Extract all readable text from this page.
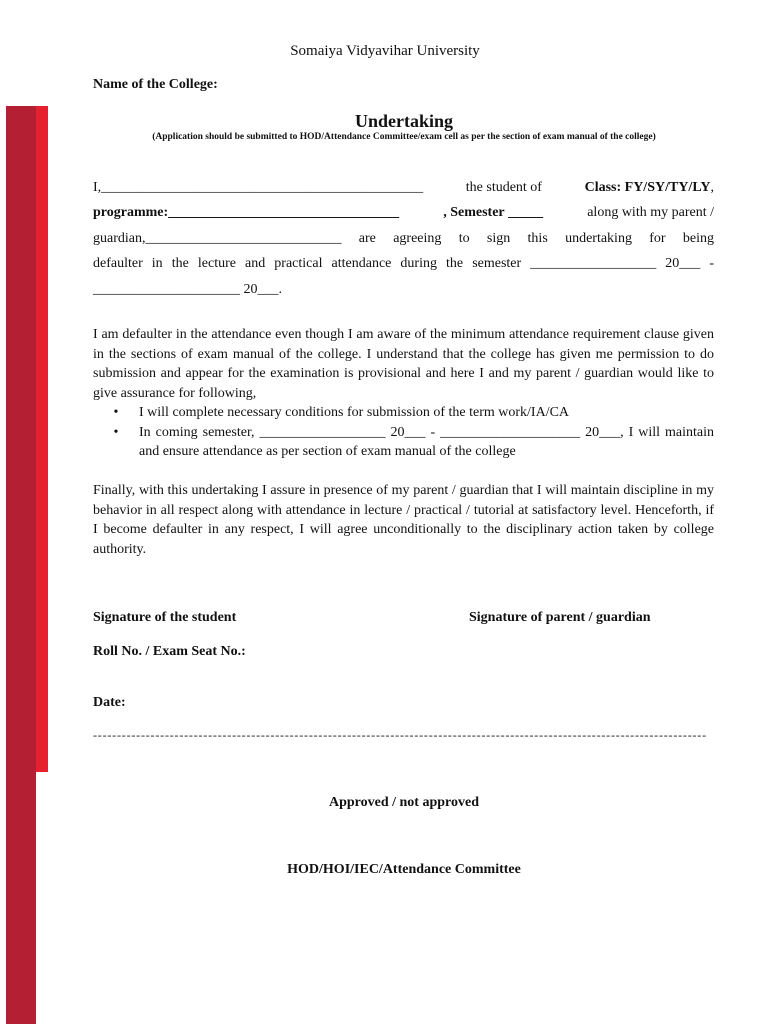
Somaiya Vidyavihar University
Name of the College:
Undertaking
(Application should be submitted to HOD/Attendance Committee/exam cell as per the section of exam manual of the college)
I,______________________________________________	the student of	Class: FY/SY/TY/LY,
programme:_________________________________	, Semester _____	along with my parent /
guardian,____________________________ are agreeing to sign this undertaking for being
defaulter in the lecture and practical attendance during the semester __________________ 20___ -
_____________________ 20___.
I am defaulter in the attendance even though I am aware of the minimum attendance requirement clause given in the sections of exam manual of the college. I understand that the college has given me permission to do submission and appear for the examination is provisional and here I and my parent / guardian would like to give assurance for following,
•	I will complete necessary conditions for submission of the term work/IA/CA
•	In coming semester, __________________ 20___ - ____________________ 20___, I will maintain and ensure attendance as per section of exam manual of the college
Finally, with this undertaking I assure in presence of my parent / guardian that I will maintain discipline in my behavior in all respect along with attendance in lecture / practical / tutorial at satisfactory level. Henceforth, if I become defaulter in any respect, I will agree unconditionally to the disciplinary action taken by college authority.
Signature of the student	Signature of parent / guardian
Roll No. / Exam Seat No.:
Date:
--------------------------------------------------------------------------------------------------------------------------------
Approved / not approved
HOD/HOI/IEC/Attendance Committee
